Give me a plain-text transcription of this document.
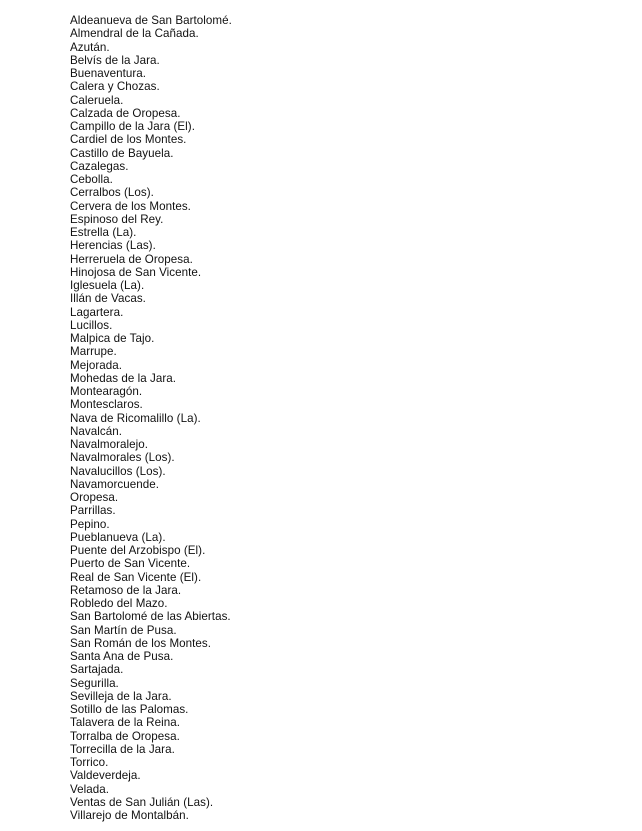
Aldeanueva de San Bartolomé.
Almendral de la Cañada.
Azután.
Belvís de la Jara.
Buenaventura.
Calera y Chozas.
Caleruela.
Calzada de Oropesa.
Campillo de la Jara (El).
Cardiel de los Montes.
Castillo de Bayuela.
Cazalegas.
Cebolla.
Cerralbos (Los).
Cervera de los Montes.
Espinoso del Rey.
Estrella (La).
Herencias (Las).
Herreruela de Oropesa.
Hinojosa de San Vicente.
Iglesuela (La).
Illán de Vacas.
Lagartera.
Lucillos.
Malpica de Tajo.
Marrupe.
Mejorada.
Mohedas de la Jara.
Montearagón.
Montesclaros.
Nava de Ricomalillo (La).
Navalcán.
Navalmoralejo.
Navalmorales (Los).
Navalucillos (Los).
Navamorcuende.
Oropesa.
Parrillas.
Pepino.
Pueblanueva (La).
Puente del Arzobispo (El).
Puerto de San Vicente.
Real de San Vicente (El).
Retamoso de la Jara.
Robledo del Mazo.
San Bartolomé de las Abiertas.
San Martín de Pusa.
San Román de los Montes.
Santa Ana de Pusa.
Sartajada.
Segurilla.
Sevilleja de la Jara.
Sotillo de las Palomas.
Talavera de la Reina.
Torralba de Oropesa.
Torrecilla de la Jara.
Torrico.
Valdeverdeja.
Velada.
Ventas de San Julián (Las).
Villarejo de Montalbán.
